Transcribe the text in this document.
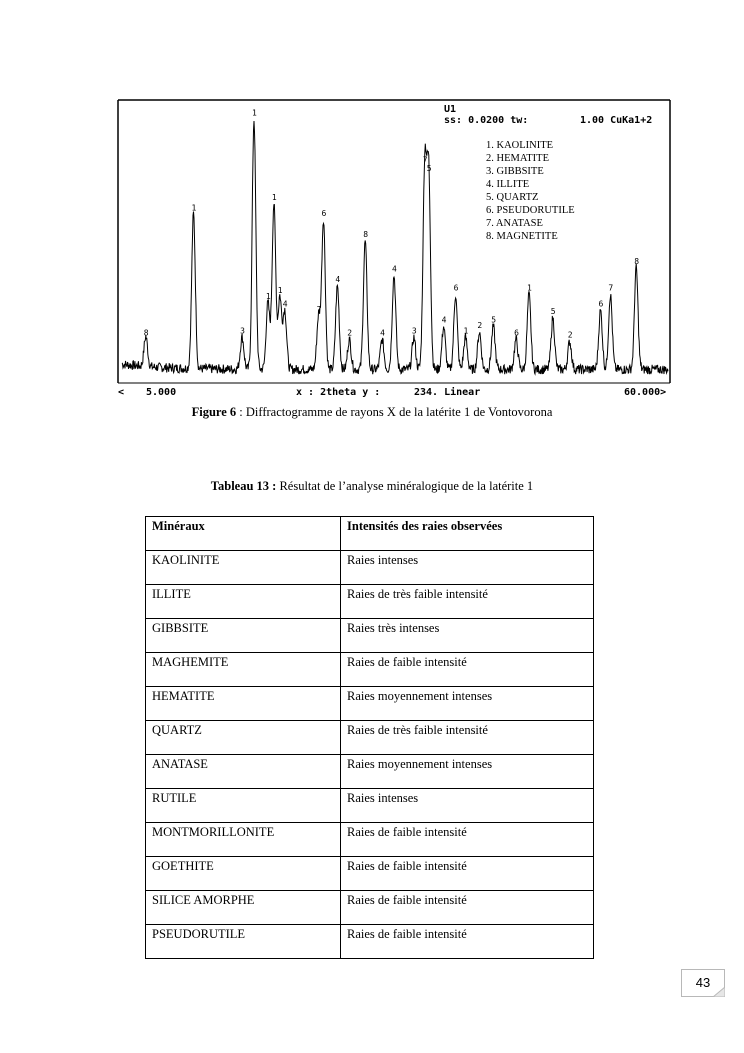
8
1
3
1
1
1
1
4
7
6
4
2
8
4
4
3
7
5
4
6
1
2
5
6
1
5
2
6
7
8
U1
ss: 0.0200 tw:	1.00 CuKa1+2
1. KAOLINITE
2. HEMATITE
3. GIBBSITE
4. ILLITE
5. QUARTZ
6. PSEUDORUTILE
7. ANATASE
8. MAGNETITE
< 5.000	x : 2theta y :	234. Linear	60.000>
Figure 6 : Diffractogramme de rayons X de la latérite 1 de Vontovorona
Tableau 13 : Résultat de l’analyse minéralogique de la latérite 1
Minéraux	Intensités des raies observées
KAOLINITE	Raies intenses
ILLITE	Raies de très faible intensité
GIBBSITE	Raies très intenses
MAGHEMITE	Raies de faible intensité
HEMATITE	Raies moyennement intenses
QUARTZ	Raies de très faible intensité
ANATASE	Raies moyennement intenses
RUTILE	Raies intenses
MONTMORILLONITE	Raies de faible intensité
GOETHITE	Raies de faible intensité
SILICE AMORPHE	Raies de faible intensité
PSEUDORUTILE	Raies de faible intensité
43
